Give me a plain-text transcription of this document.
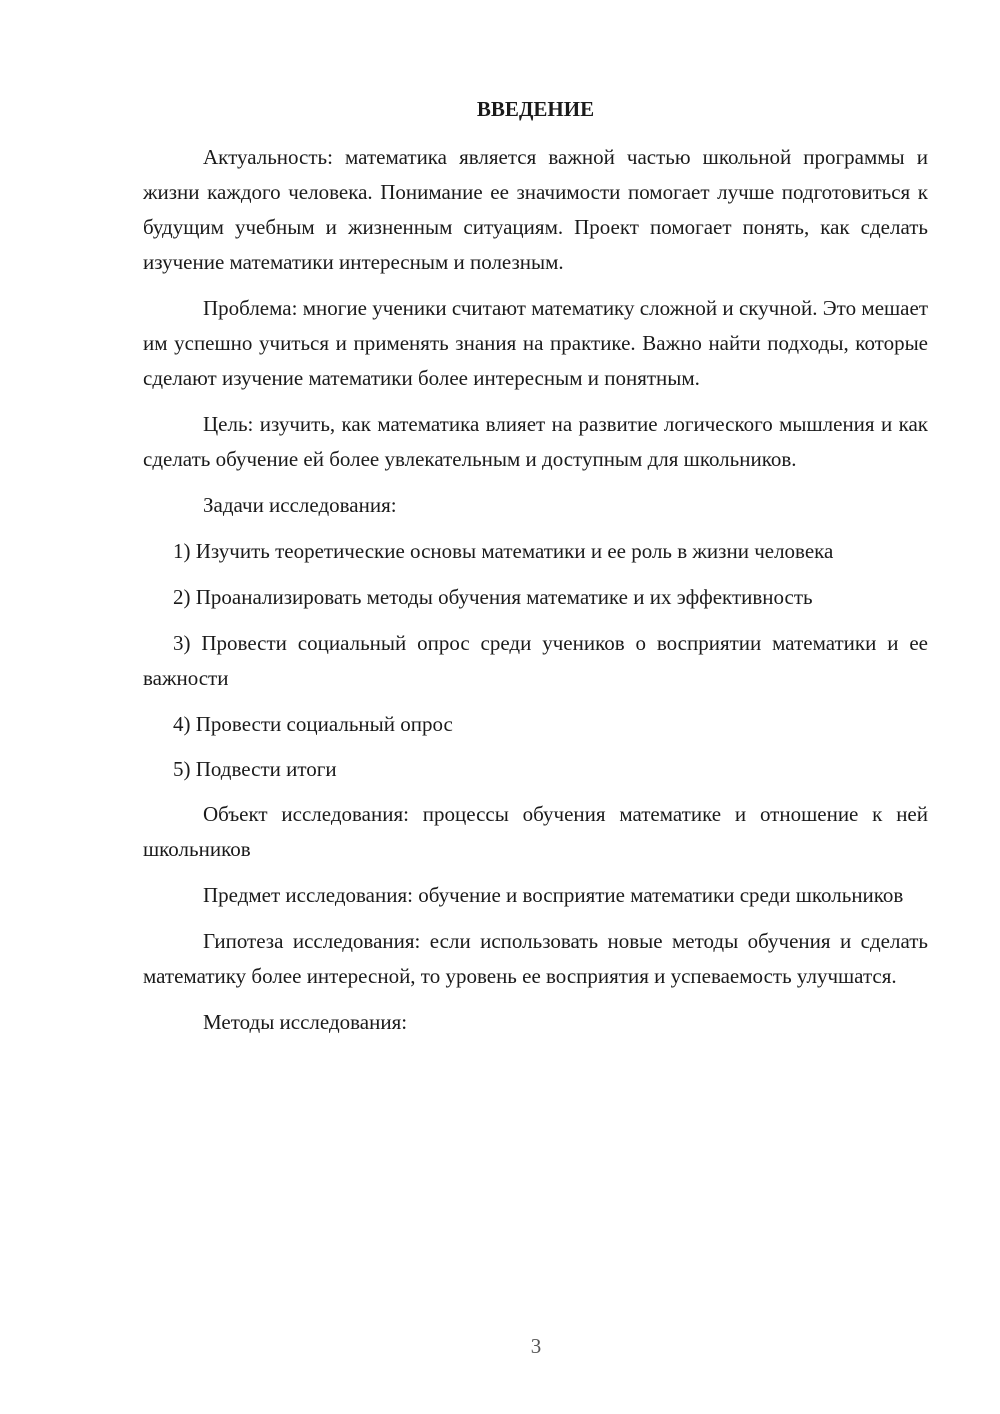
ВВЕДЕНИЕ

Актуальность: математика является важной частью школьной программы и жизни каждого человека. Понимание ее значимости помогает лучше подготовиться к будущим учебным и жизненным ситуациям. Проект помогает понять, как сделать изучение математики интересным и полезным.

Проблема: многие ученики считают математику сложной и скучной. Это мешает им успешно учиться и применять знания на практике. Важно найти подходы, которые сделают изучение математики более интересным и понятным.

Цель: изучить, как математика влияет на развитие логического мышления и как сделать обучение ей более увлекательным и доступным для школьников.

Задачи исследования:

1) Изучить теоретические основы математики и ее роль в жизни человека

2) Проанализировать методы обучения математике и их эффективность

3) Провести социальный опрос среди учеников о восприятии математики и ее важности

4) Провести социальный опрос

5) Подвести итоги

Объект исследования: процессы обучения математике и отношение к ней школьников

Предмет исследования: обучение и восприятие математики среди школьников

Гипотеза исследования: если использовать новые методы обучения и сделать математику более интересной, то уровень ее восприятия и успеваемость улучшатся.

Методы исследования:

3
